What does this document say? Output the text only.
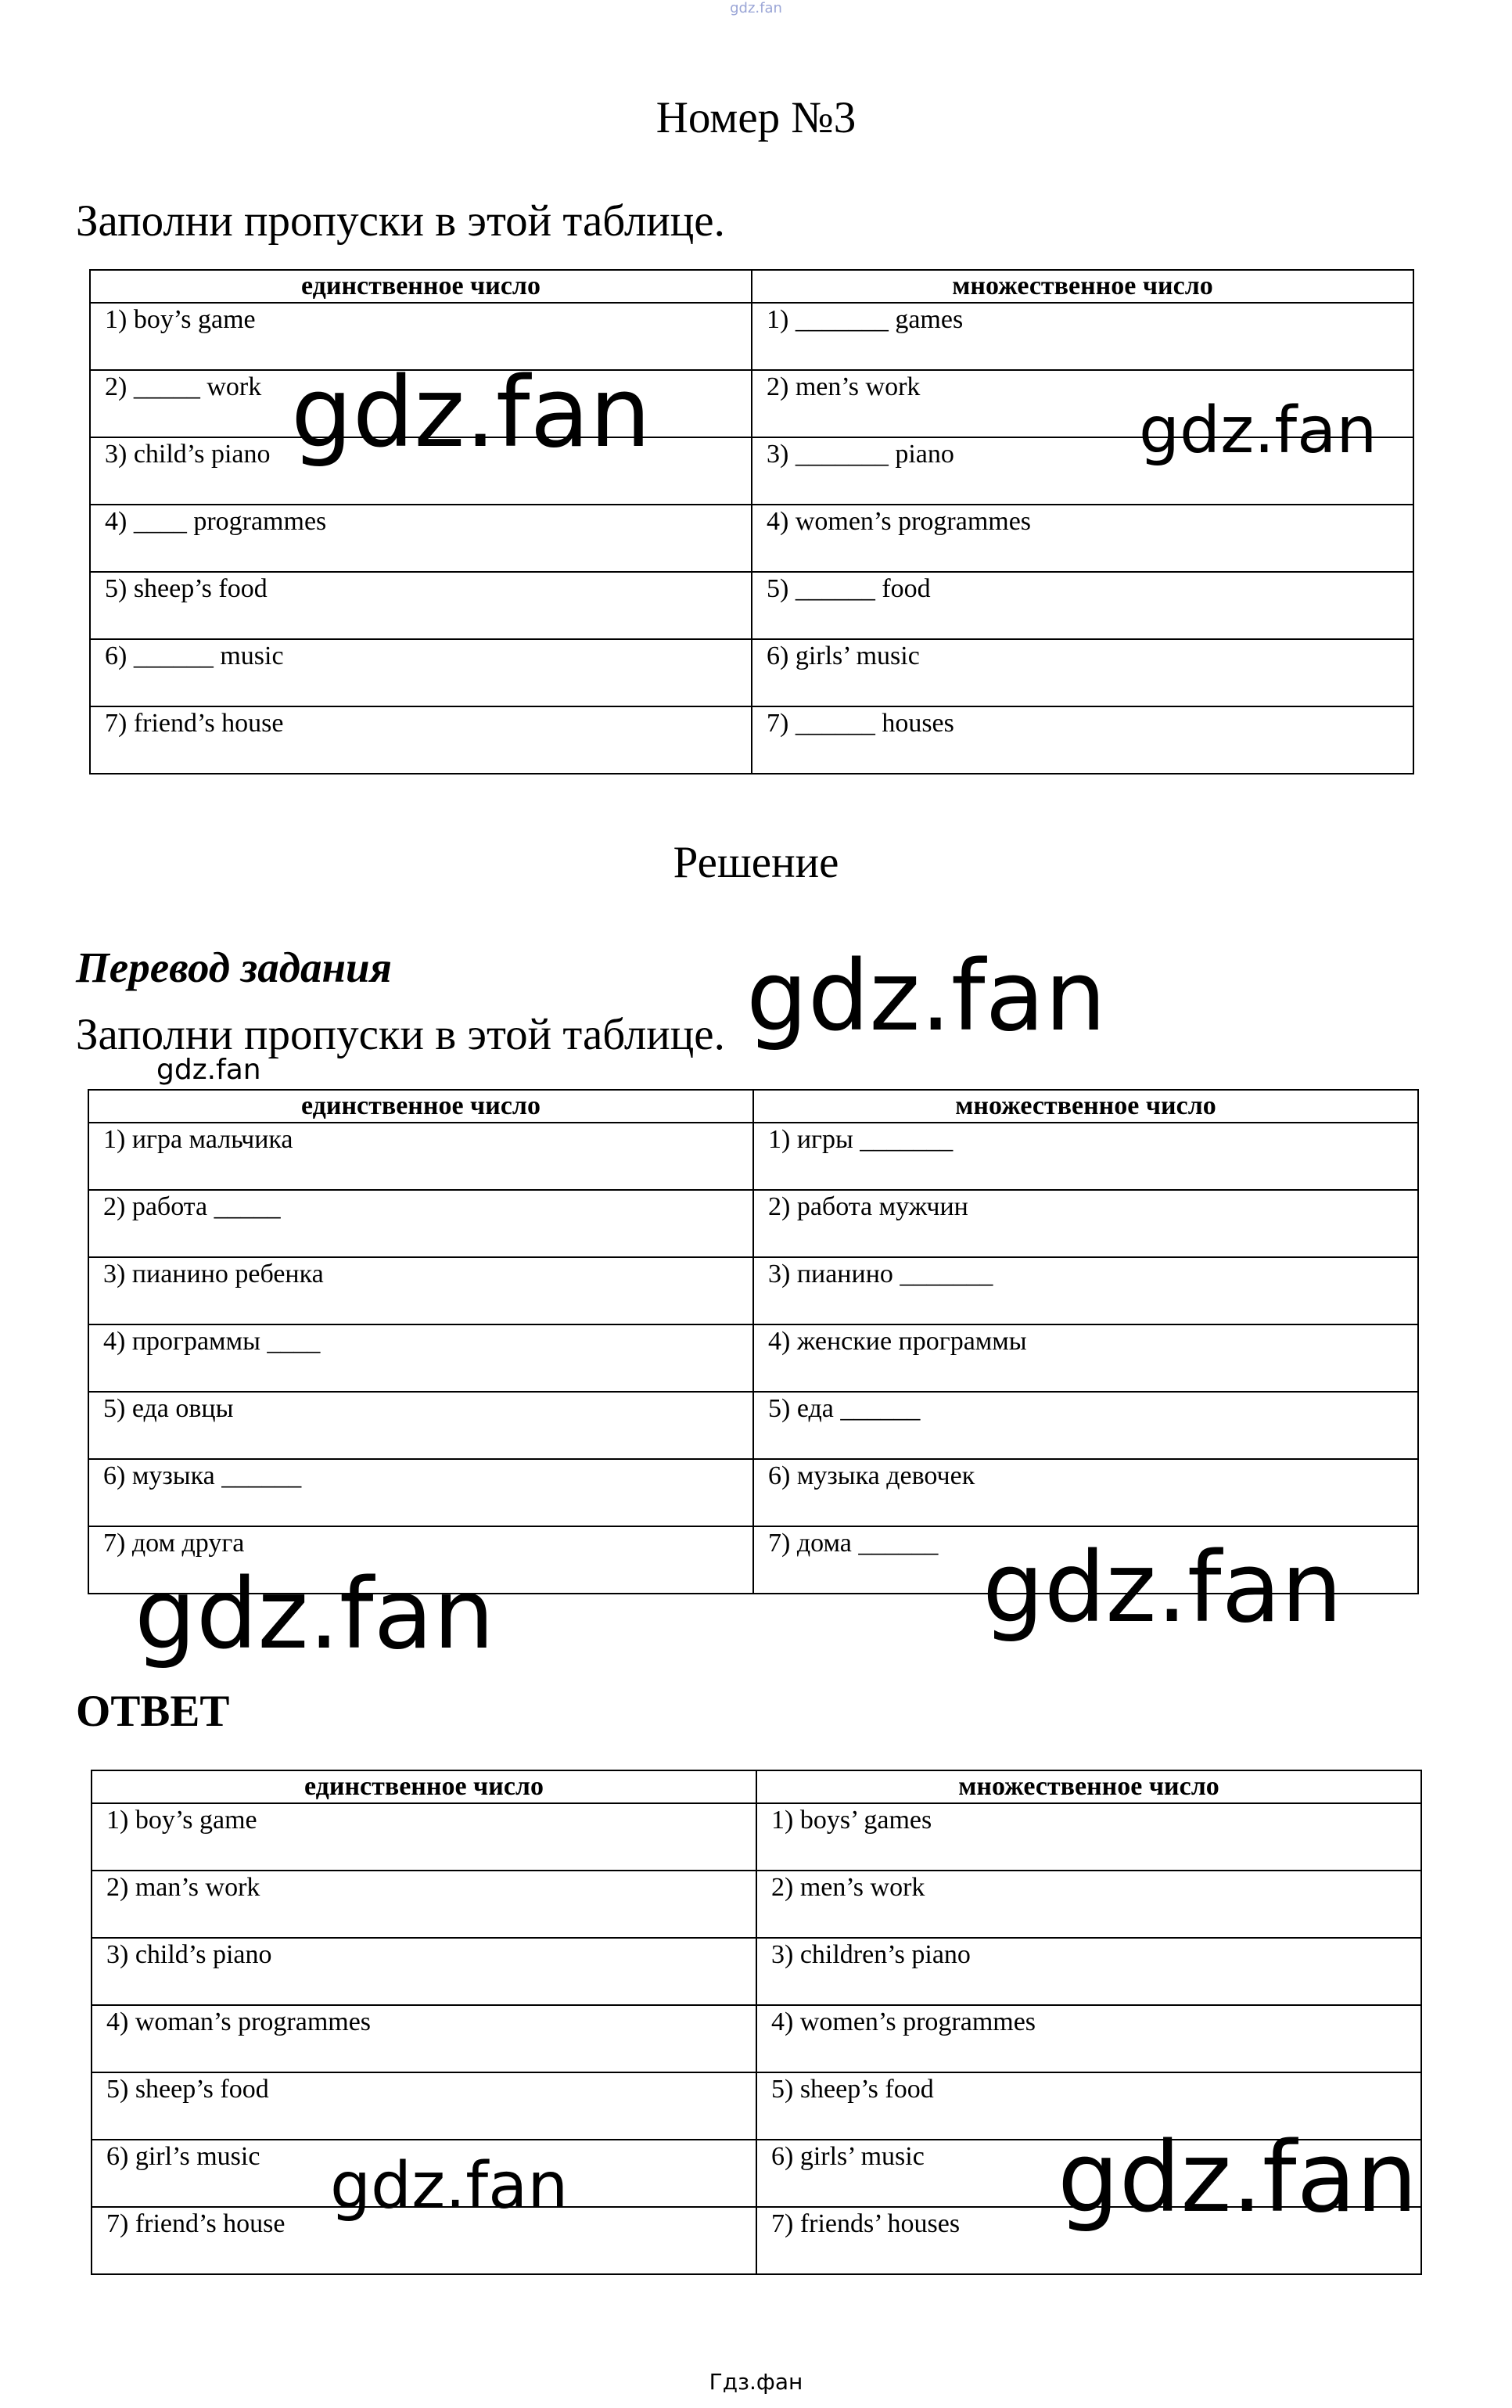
gdz.fan
Номер №3
Заполни пропуски в этой таблице.
единственное число	множественное число
1) boy’s game	1) _______ games
2) _____ work	2) men’s work
3) child’s piano	3) _______ piano
4) ____ programmes	4) women’s programmes
5) sheep’s food	5) ______ food
6) ______ music	6) girls’ music
7) friend’s house	7) ______ houses
Решение
Перевод задания
Заполни пропуски в этой таблице.
единственное число	множественное число
1) игра мальчика	1) игры _______
2) работа _____	2) работа мужчин
3) пианино ребенка	3) пианино _______
4) программы ____	4) женские программы
5) еда овцы	5) еда ______
6) музыка ______	6) музыка девочек
7) дом друга	7) дома ______
ОТВЕТ
единственное число	множественное число
1) boy’s game	1) boys’ games
2) man’s work	2) men’s work
3) child’s piano	3) children’s piano
4) woman’s programmes	4) women’s programmes
5) sheep’s food	5) sheep’s food
6) girl’s music	6) girls’ music
7) friend’s house	7) friends’ houses
gdz.fan	gdz.fan
gdz.fan
gdz.fan
gdz.fan	gdz.fan
gdz.fan	gdz.fan
Гдз.фан
